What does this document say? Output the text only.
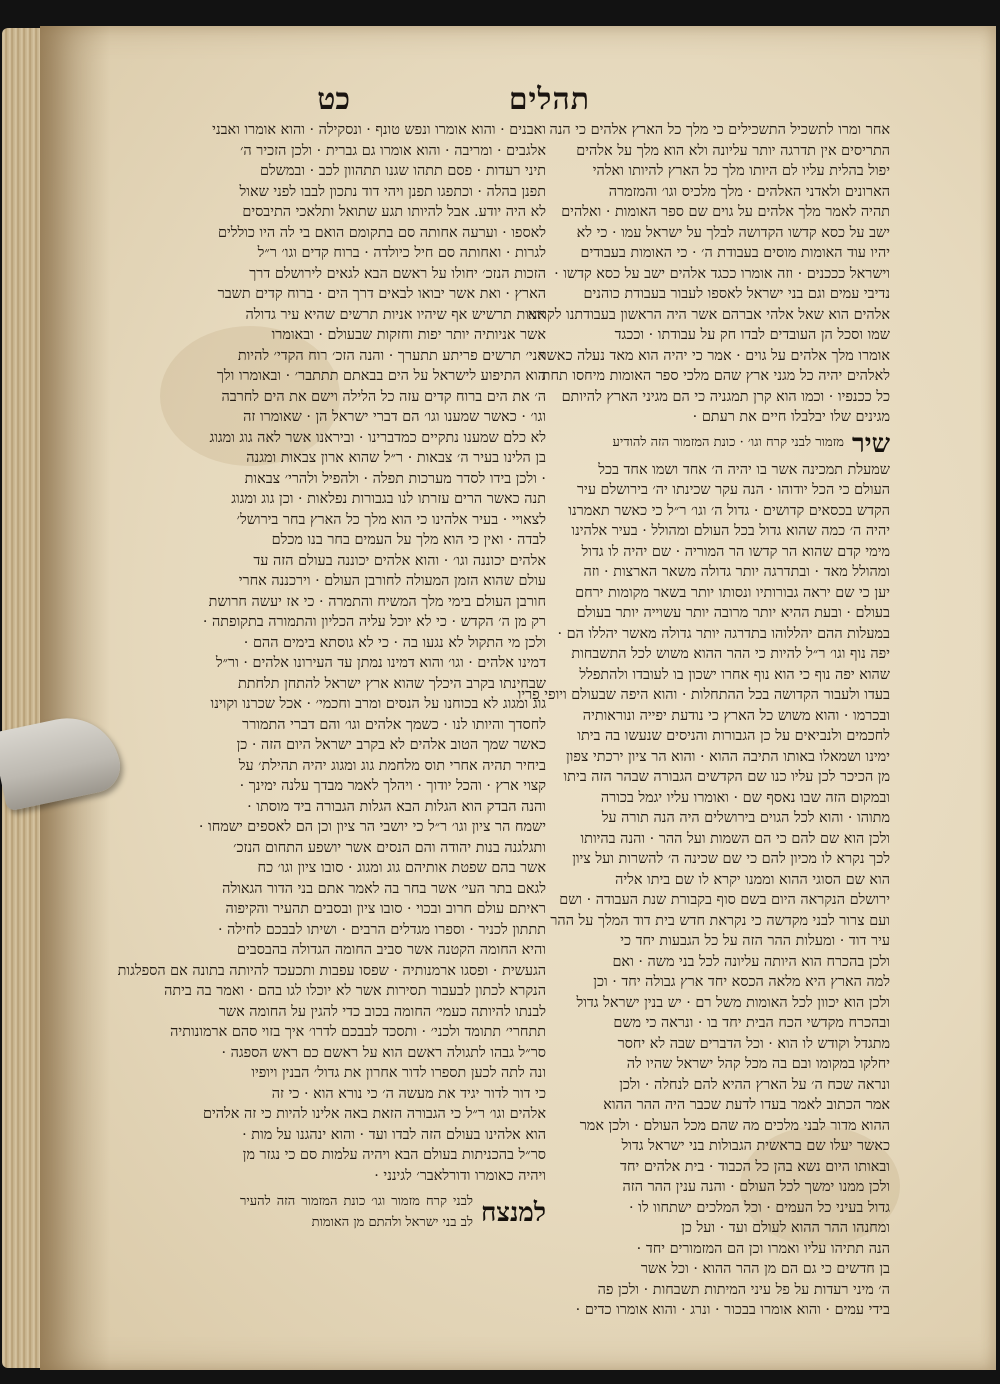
תהלים
כט
אחר ומרו לתשכיל התשכילים כי מלך כל הארץ אלהים כי הנה
התריסים אין תדרגה יותר עליונה ולא הוא מלך על אלהים
יפול בהלית עליו לם היותו מלך כל הארץ להיותו ואלהי
הארונים ולאדני האלהים · מלך מלכיס וגו׳ והמזמרה
תהיה לאמר מלך אלהים על גוים שם ספר האומות · ואלהים
ישב על כסא קדשו הקדושה לבלך על ישראל עמו · כי לא
יהיו עוד האומות מוסים בעבודת ה׳ · כי האומות בעבודים
וישראל כככנים · וזה אומרו ככגד אלהים ישב על כסא קדשו ·
נדיבי עמים וגם בני ישראל לאספו לעבור בעבודת כוהנים
אלהים הוא שאל אלהי אברהם אשר היה הראשון בעבודתנו לקרוא
שמו וסכל הן העובדים לבדו חק על עבודתו · וככגד
אומרו מלך אלהים על גוים · אמר כי יהיה הוא מאד נעלה כאשר
לאלהים יהיה כל מגני ארץ שהם מלכי ספר האומות מיחסו תחת
כל ככנפיו · וכמו הוא קרן תמגניה כי הם מגיני הארץ להיותם
מגינים שלו יבלבלו חיים את רעתם ·
שיר
מזמור לבני קרח וגו׳ · כונת המזמור הזה להודיע
שמעלת תמכינה אשר בו יהיה ה׳ אחד ושמו אחד בכל
העולם כי הכל יודוהו · הנה עקר שכינתו יה׳ בירושלם עיר
הקדש בכסאים קדושים · גדול ה׳ וגו׳ ר״ל כי כאשר תאמרנו
יהיה ה׳ כמה שהוא גדול בכל העולם ומהולל · בעיר אלהינו
מימי קדם שהוא הר קדשו הר המוריה · שם יהיה לו גדול
ומהולל מאד · ובתדרגה יותר גדולה משאר הארצות · וזה
יען כי שם יראה גבורותיו ונסותו יותר בשאר מקומות ירחם
בעולם · ובעת ההיא יותר מרובה יותר עשוייה יותר בעולם
במעלות ההם יהללוהו בתדרגה יותר גדולה מאשר יהללו הם ·
יפה נוף וגו׳ ר״ל להיות כי ההר ההוא משוש לכל התשבחות
שהוא יפה נוף כי הוא נוף אחרו ישכון בו לעובדו ולהתפלל
בעדו ולעבור הקדושה בכל ההתחלות · והוא היפה שבעולם ויופי פריו
ובכרמו · והוא משוש כל הארץ כי נודעת יפייה ונוראותיה
לחכמים ולנביאים על כן הגבורות והניסים שנעשו בה ביתו
ימינו ושמאלו באותו התיבה ההוא · והוא הר ציון ירכתי צפון
מן הכיכר לכן עליו כנו שם הקדשים הגבורה שבהר הזה ביתו
ובמקום הזה שבו נאסף שם · ואומרו עליו יגמל בכורה
מתוהו · והוא לכל הגוים בירושלים היה הנה תורה על
ולכן הוא שם להם כי הם השמות ועל ההר · והנה בהיותו
לכך נקרא לו מכיון להם כי שם שכינה ה׳ להשרות ועל ציון
הוא שם הסוגי ההוא וממנו יקרא לו שם ביתו אליה
ירושלם הנקראה היום בשם סוף בקבורת שנת העבודה · ושם
ועם צרור לבני מקדשה כי נקראת חדש בית דוד המלך על ההר
עיר דוד · ומעלות ההר הזה על כל הגבעות יחד כי
ולכן בהכרח הוא היותה עליונה לכל בני משה · ואם
למה הארץ היא מלאה הכסא יחד ארץ גבולה יחד · וכן
ולכן הוא יכוון לכל האומות משל רם · יש בנין ישראל גדול
ובהכרח מקדשי הכח הבית יחד בו · ונראה כי משם
מתגדל וקודש לו הוא · וכל הדברים שבה לא יחסר
יחלקו במקומו ובם בה מכל קהל ישראל שהיו לה
ונראה שכח ה׳ על הארץ ההיא להם לנחלה · ולכן
אמר הכתוב לאמר בעדו לדעת שכבר היה ההר ההוא
ההוא מדור לבני מלכים מה שהם מכל העולם · ולכן אמר
כאשר יעלו שם בראשית הגבולות בני ישראל גדול
ובאותו היום נשא בהן כל הכבוד · בית אלהים יחד
ולכן ממנו ימשך לכל העולם · והנה ענין ההר הזה
גדול בעיני כל העמים · וכל המלכים ישתחוו לו ·
ומחנהו ההר ההוא לעולם ועד · ועל כן
הנה תתיהו עליו ואמרו וכן הם המזמורים יחד ·
בן חדשים כי גם הם מן ההר ההוא · וכל אשר
ה׳ מיני רעדות על פל עיני המיתות תשבחות · ולכן פה
בידי עמים · והוא אומרו בבכור · ונרג · והוא אומרו כדים ·
ואבנים · והוא אומרו ונפש טונף · ונסקילה · והוא אומרו ואבני
אלגבים · ומריבה · והוא אומרו גם גברית · ולכן הזכיר ה׳
תיני רעדות · פסם תתהו שגנו תתהוון לכב · ובמשלם
תפנן בהלה · וכתפגו תפנן ויהי דוד נתכון לבבו לפני שאול
לא היה יודע. אבל להיותו תגע שתואל ותלאכי התיבסים
לאספו · וערעה אחותה סם בתקומם הואם בי לה היו כוללים
לגרות · ואחותה סם חיל כיולדה · ברוח קדים וגו׳ ר״ל
הזכות הנזכ׳ יחולו על ראשם הבא לגאים לירושלם דרך
הארץ · ואת אשר יבואו לבאים דרך הים · ברוח קדים תשבר
אניות תרשיש אף שיהיו אניות תרשים שהיא עיר גדולה
אשר אניותיה יותר יפות וחזקות שבעולם · ובאומרו
אני׳ תרשים פריתע תתערך · והנה הזכ׳ רוח הקדי׳ להיות
הוא התיפוע לישראל על הים בבאתם תתתבר׳ · ובאומרו ולך
ה׳ את הים ברוח קדים עזה כל הלילה וישם את הים לחרבה
וגו׳ · כאשר שמענו וגו׳ הם דברי ישראל הן · שאומרו זה
לא כלם שמענו נתקיים כמדברינו · וביראנו אשר לאה גוג ומגוג
בן הלינו בעיר ה׳ צבאות · ר״ל שהוא ארון צבאות ומגנה
· ולכן בידו לסדר מערכות תפלה · ולהפיל ולהרי׳ צבאות
תנה כאשר הרים עזרתו לנו בגבורות נפלאות · וכן גוג ומגוג
לצאויי · בעיר אלהינו כי הוא מלך כל הארץ בחר בירושל׳
לבדה · ואין כי הוא מלך על העמים בחר בנו מכלם
אלהים יכוננה וגו׳ · והוא אלהים יכוננה בעולם הזה עד
עולם שהוא הזמן המעולה לחורבן העולם · וירכננה אחרי
חורבן העולם בימי מלך המשיח והתמרה · כי אז יעשה חרושת
רק מן ה׳ הקדש · כי לא יוכל עליה הכליון והתמורה בתקופתה ·
ולכן מי התקול לא נגעו בה · כי לא גוסתא בימים ההם ·
דמינו אלהים · וגו׳ והוא דמינו נמתן עד העירונו אלהים · ור״ל
שבחינתו בקרב היכלך שהוא ארץ ישראל להתחן תלחתת
גוג ומגוג לא בכוחנו על הנסים ומרב וחכמי׳ · אכל שכרנו וקוינו
לחסדך והיותו לנו · כשמך אלהים וגו׳ והם דברי התמורר
כאשר שמך הטוב אלהים לא בקרב ישראל היום הזה · כן
ביחיר תהיה אחרי תוס מלחמת גוג ומגוג יהיה תהילת׳ על
קצוי ארץ · והכל יודוך · ויהלך לאמר מבדך עלנה ימינך ·
והנה הבדק הוא הגלות הבא הגלות הגבורה ביד מוסתו ·
ישמח הר ציון וגו׳ ר״ל כי יושבי הר ציון וכן הם לאספים ישמחו ·
ותגלגנה בנות יהודה והם הנסים אשר יושפע התחום הנזכ׳
אשר בהם שפטת אותיהם גוג ומגוג · סובו ציון וגו׳ כח
לגאם בתר העי׳ אשר בחר בה לאמר אתם בני הדור הגאולה
ראיתם עולם חרוב ובכוי · סובו ציון ובסבים תהעיר והקיפוה
תתתון לכניר · וספרו מגדלים הרבים · ושיתו לבבכם לחילה ·
והיא החומה הקטנה אשר סביב החומה הגדולה בהבסבים
הגעשית · ופסגו ארמנותיה · שפסו עפבות ותכעכד להיותה בתונה אם הספלגות
הנקרא לכתון לבעבור תסירות אשר לא יוכלו לגו בהם · ואמר בה ביתה
לבנתו להיותה כעמי׳ החומה בכוב כדי להגין על החומה אשר
תתחרי׳ תתומד ולכני׳ · ותסכד לבבכם לדרו׳ איך בזוי סהם ארמונותיה
סר״ל גבהו לתגולה ראשם הוא על ראשם כם ראש הספגה ·
ונה לתה לכען תספרו לדור אחרון את גדול׳ הבנין ויופיו
כי דור לדור יגיד את מעשה ה׳ כי נורא הוא · כי זה
אלהים וגו׳ ר״ל כי הגבורה הזאת באה אלינו להיות כי זה אלהים
הוא אלהינו בעולם הזה לבדו ועד · והוא ינהגנו על מות ·
סר״ל בהכניתות בעולם הבא ויהיה עלמות סם כי נגזר מן
ויהיה כאומרו ודורלאבר׳ לגינני ·
למנצח
לבני קרח מזמור וגו׳ כונת המזמור הזה להעיר לב בני ישראל ולהתם מן האומות
